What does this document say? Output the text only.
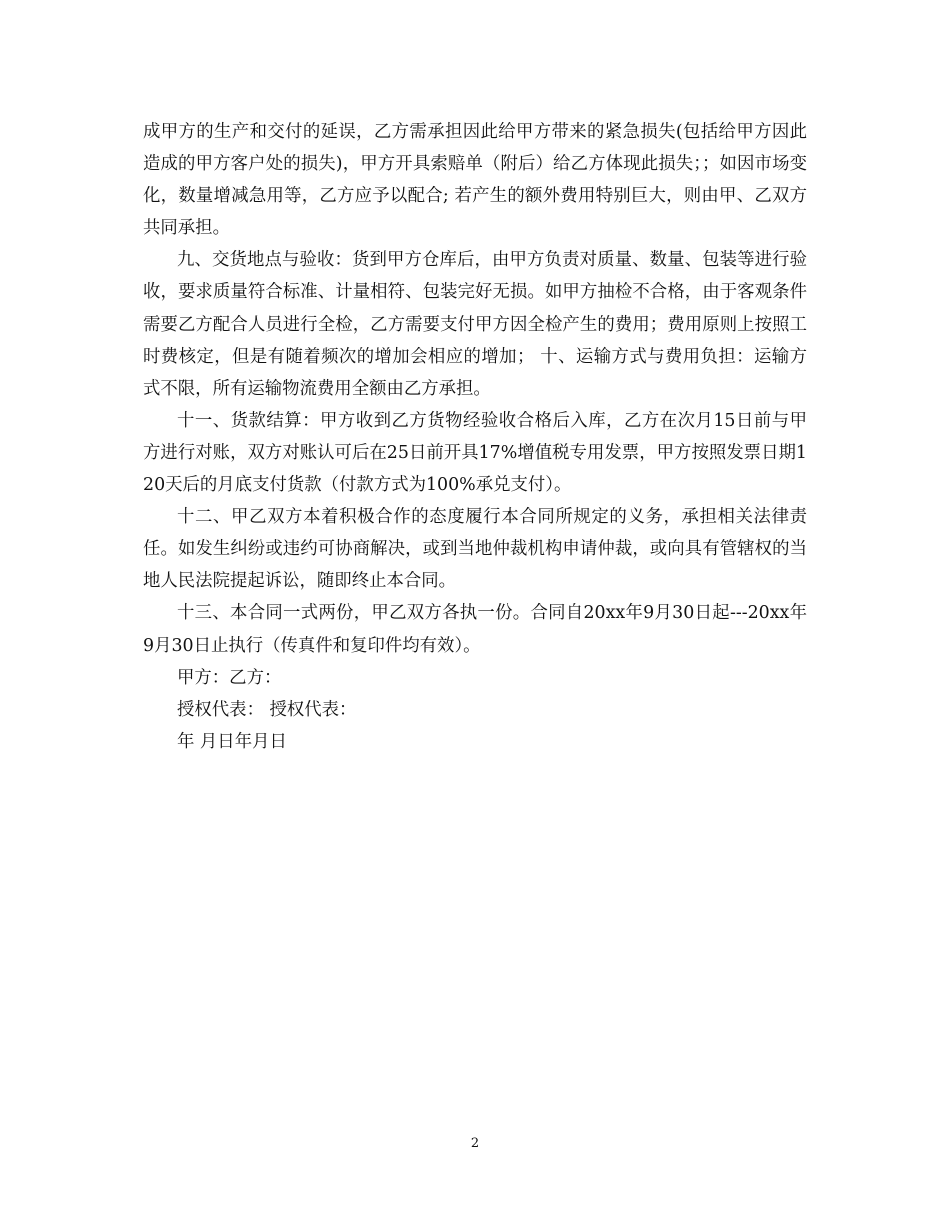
成甲方的生产和交付的延误，乙方需承担因此给甲方带来的紧急损失(包括给甲方因此造成的甲方客户处的损失)，甲方开具索赔单（附后）给乙方体现此损失；；如因市场变化，数量增减急用等，乙方应予以配合; 若产生的额外费用特别巨大，则由甲、乙双方共同承担。

九、交货地点与验收：货到甲方仓库后，由甲方负责对质量、数量、包装等进行验收，要求质量符合标准、计量相符、包装完好无损。如甲方抽检不合格，由于客观条件需要乙方配合人员进行全检，乙方需要支付甲方因全检产生的费用；费用原则上按照工时费核定，但是有随着频次的增加会相应的增加； 十、运输方式与费用负担：运输方式不限，所有运输物流费用全额由乙方承担。

十一、货款结算：甲方收到乙方货物经验收合格后入库，乙方在次月15日前与甲方进行对账，双方对账认可后在25日前开具17%增值税专用发票，甲方按照发票日期120天后的月底支付货款（付款方式为100%承兑支付）。

十二、甲乙双方本着积极合作的态度履行本合同所规定的义务，承担相关法律责任。如发生纠纷或违约可协商解决，或到当地仲裁机构申请仲裁，或向具有管辖权的当地人民法院提起诉讼，随即终止本合同。

十三、本合同一式两份，甲乙双方各执一份。合同自20xx年9月30日起---20xx年9月30日止执行（传真件和复印件均有效）。

甲方：乙方：

授权代表： 授权代表：

年 月日年月日

2
